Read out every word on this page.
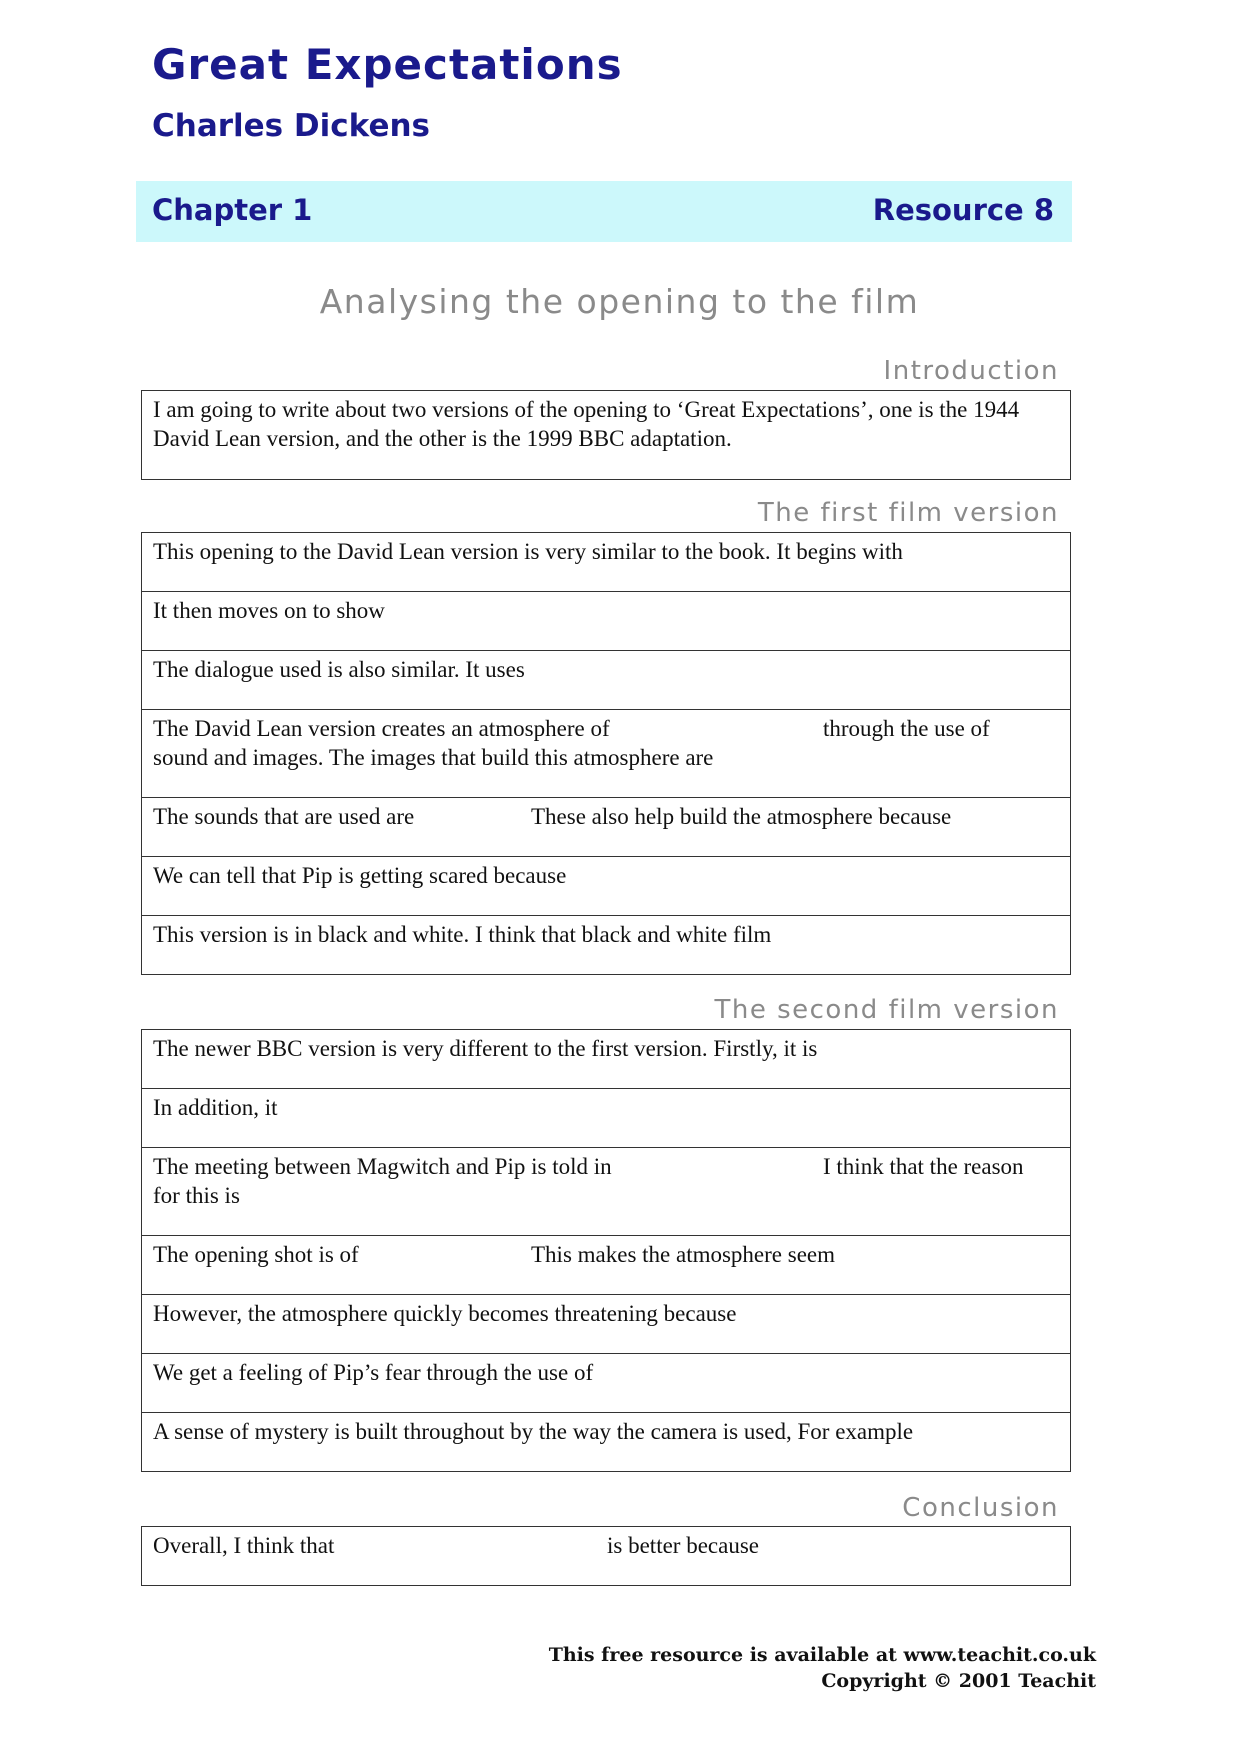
Great Expectations
Charles Dickens
Chapter 1	Resource 8
Analysing the opening to the film
Introduction
I am going to write about two versions of the opening to ‘Great Expectations’, one is the 1944 David Lean version, and the other is the 1999 BBC adaptation.
The first film version
This opening to the David Lean version is very similar to the book. It begins with
It then moves on to show
The dialogue used is also similar. It uses
The David Lean version creates an atmosphere of	through the use of
sound and images. The images that build this atmosphere are
The sounds that are used are	These also help build the atmosphere because
We can tell that Pip is getting scared because
This version is in black and white. I think that black and white film
The second film version
The newer BBC version is very different to the first version. Firstly, it is
In addition, it
The meeting between Magwitch and Pip is told in	I think that the reason
for this is
The opening shot is of	This makes the atmosphere seem
However, the atmosphere quickly becomes threatening because
We get a feeling of Pip’s fear through the use of
A sense of mystery is built throughout by the way the camera is used, For example
Conclusion
Overall, I think that	is better because
This free resource is available at www.teachit.co.uk
Copyright © 2001 Teachit
